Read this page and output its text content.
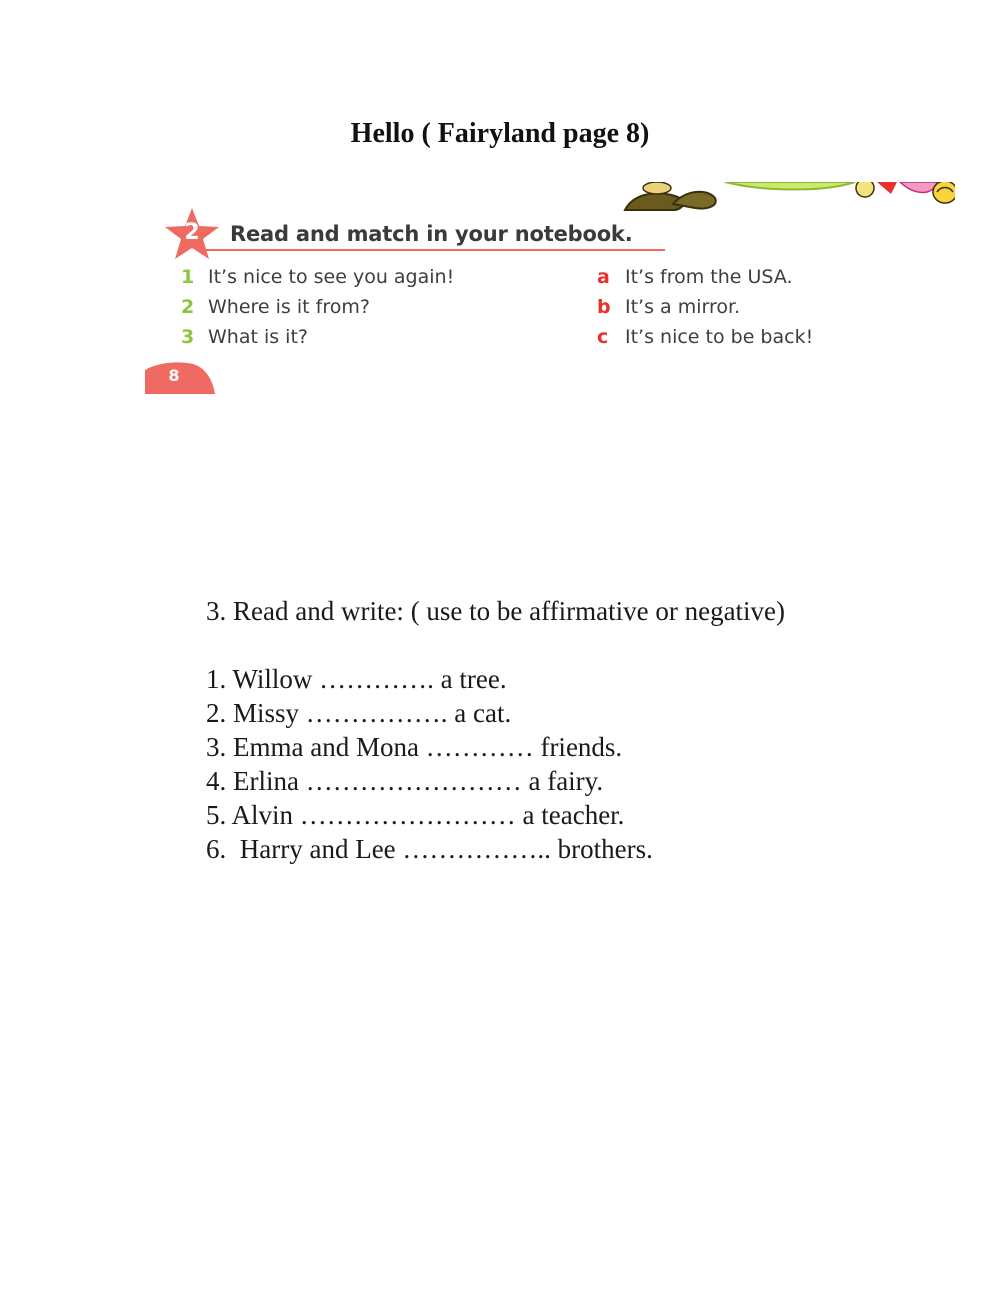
Hello ( Fairyland page 8)
2	Read and match in your notebook.
1 It’s nice to see you again!
2 Where is it from?
3 What is it?
a It’s from the USA.
b It’s a mirror.
c It’s nice to be back!
8
3. Read and write: ( use to be affirmative or negative)
1. Willow …………. a tree.
2. Missy ……………. a cat.
3. Emma and Mona ………… friends.
4. Erlina …………………… a fairy.
5. Alvin …………………… a teacher.
6.  Harry and Lee …………….. brothers.
